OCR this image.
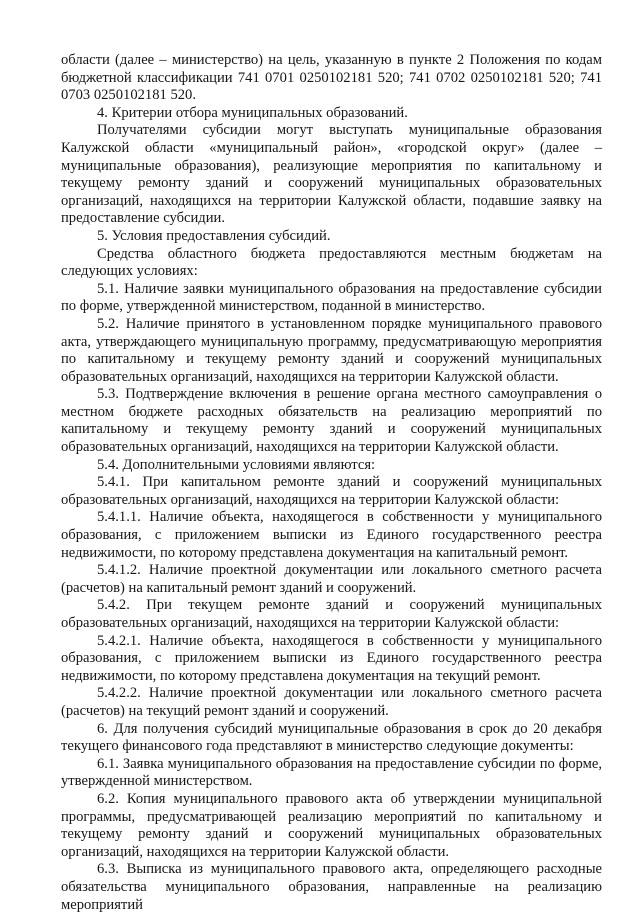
области (далее – министерство) на цель, указанную в пункте 2 Положения по кодам бюджетной классификации 741 0701 0250102181 520; 741 0702 0250102181 520; 741 0703 0250102181 520.

4. Критерии отбора муниципальных образований.

Получателями субсидии могут выступать муниципальные образования Калужской области «муниципальный район», «городской округ» (далее – муниципальные образования), реализующие мероприятия по капитальному и текущему ремонту зданий и сооружений муниципальных образовательных организаций, находящихся на территории Калужской области, подавшие заявку на предоставление субсидии.

5. Условия предоставления субсидий.

Средства областного бюджета предоставляются местным бюджетам на следующих условиях:

5.1. Наличие заявки муниципального образования на предоставление субсидии по форме, утвержденной министерством, поданной в министерство.

5.2. Наличие принятого в установленном порядке муниципального правового акта, утверждающего муниципальную программу, предусматривающую мероприятия по капитальному и текущему ремонту зданий и сооружений муниципальных образовательных организаций, находящихся на территории Калужской области.

5.3. Подтверждение включения в решение органа местного самоуправления о местном бюджете расходных обязательств на реализацию мероприятий по капитальному и текущему ремонту зданий и сооружений муниципальных образовательных организаций, находящихся на территории Калужской области.

5.4. Дополнительными условиями являются:

5.4.1. При капитальном ремонте зданий и сооружений муниципальных образовательных организаций, находящихся на территории Калужской области:

5.4.1.1. Наличие объекта, находящегося в собственности у муниципального образования, с приложением выписки из Единого государственного реестра недвижимости, по которому представлена документация на капитальный ремонт.

5.4.1.2. Наличие проектной документации или локального сметного расчета (расчетов) на капитальный ремонт зданий и сооружений.

5.4.2. При текущем ремонте зданий и сооружений муниципальных образовательных организаций, находящихся на территории Калужской области:

5.4.2.1. Наличие объекта, находящегося в собственности у муниципального образования, с приложением выписки из Единого государственного реестра недвижимости, по которому представлена документация на текущий ремонт.

5.4.2.2. Наличие проектной документации или локального сметного расчета (расчетов) на текущий ремонт зданий и сооружений.

6. Для получения субсидий муниципальные образования в срок до 20 декабря текущего финансового года представляют в министерство следующие документы:

6.1. Заявка муниципального образования на предоставление субсидии по форме, утвержденной министерством.

6.2. Копия муниципального правового акта об утверждении муниципальной программы, предусматривающей реализацию мероприятий по капитальному и текущему ремонту зданий и сооружений муниципальных образовательных организаций, находящихся на территории Калужской области.

6.3. Выписка из муниципального правового акта, определяющего расходные обязательства муниципального образования, направленные на реализацию мероприятий
